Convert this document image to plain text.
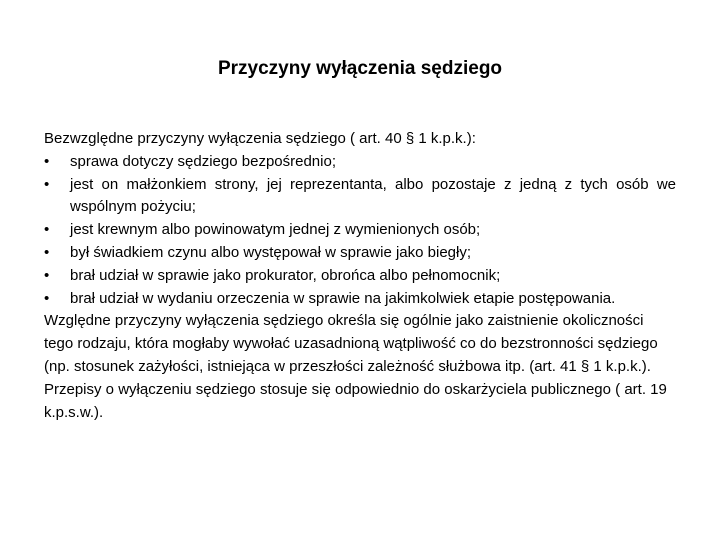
Przyczyny wyłączenia sędziego

Bezwzględne przyczyny wyłączenia sędziego ( art. 40 § 1 k.p.k.):

•	sprawa dotyczy sędziego bezpośrednio;
•	jest on małżonkiem strony, jej reprezentanta, albo pozostaje z jedną z tych osób we wspólnym pożyciu;
•	jest krewnym albo powinowatym jednej z wymienionych osób;
•	był świadkiem czynu albo występował w sprawie jako biegły;
•	brał udział w sprawie jako prokurator, obrońca albo pełnomocnik;
•	brał udział w wydaniu orzeczenia w sprawie na jakimkolwiek etapie postępowania.

Względne przyczyny wyłączenia sędziego określa się ogólnie jako zaistnienie okoliczności tego rodzaju, która mogłaby wywołać uzasadnioną wątpliwość co do bezstronności sędziego (np. stosunek zażyłości, istniejąca w przeszłości zależność służbowa itp. (art. 41 § 1 k.p.k.).

Przepisy o wyłączeniu sędziego stosuje się odpowiednio do oskarżyciela publicznego ( art. 19 k.p.s.w.).
